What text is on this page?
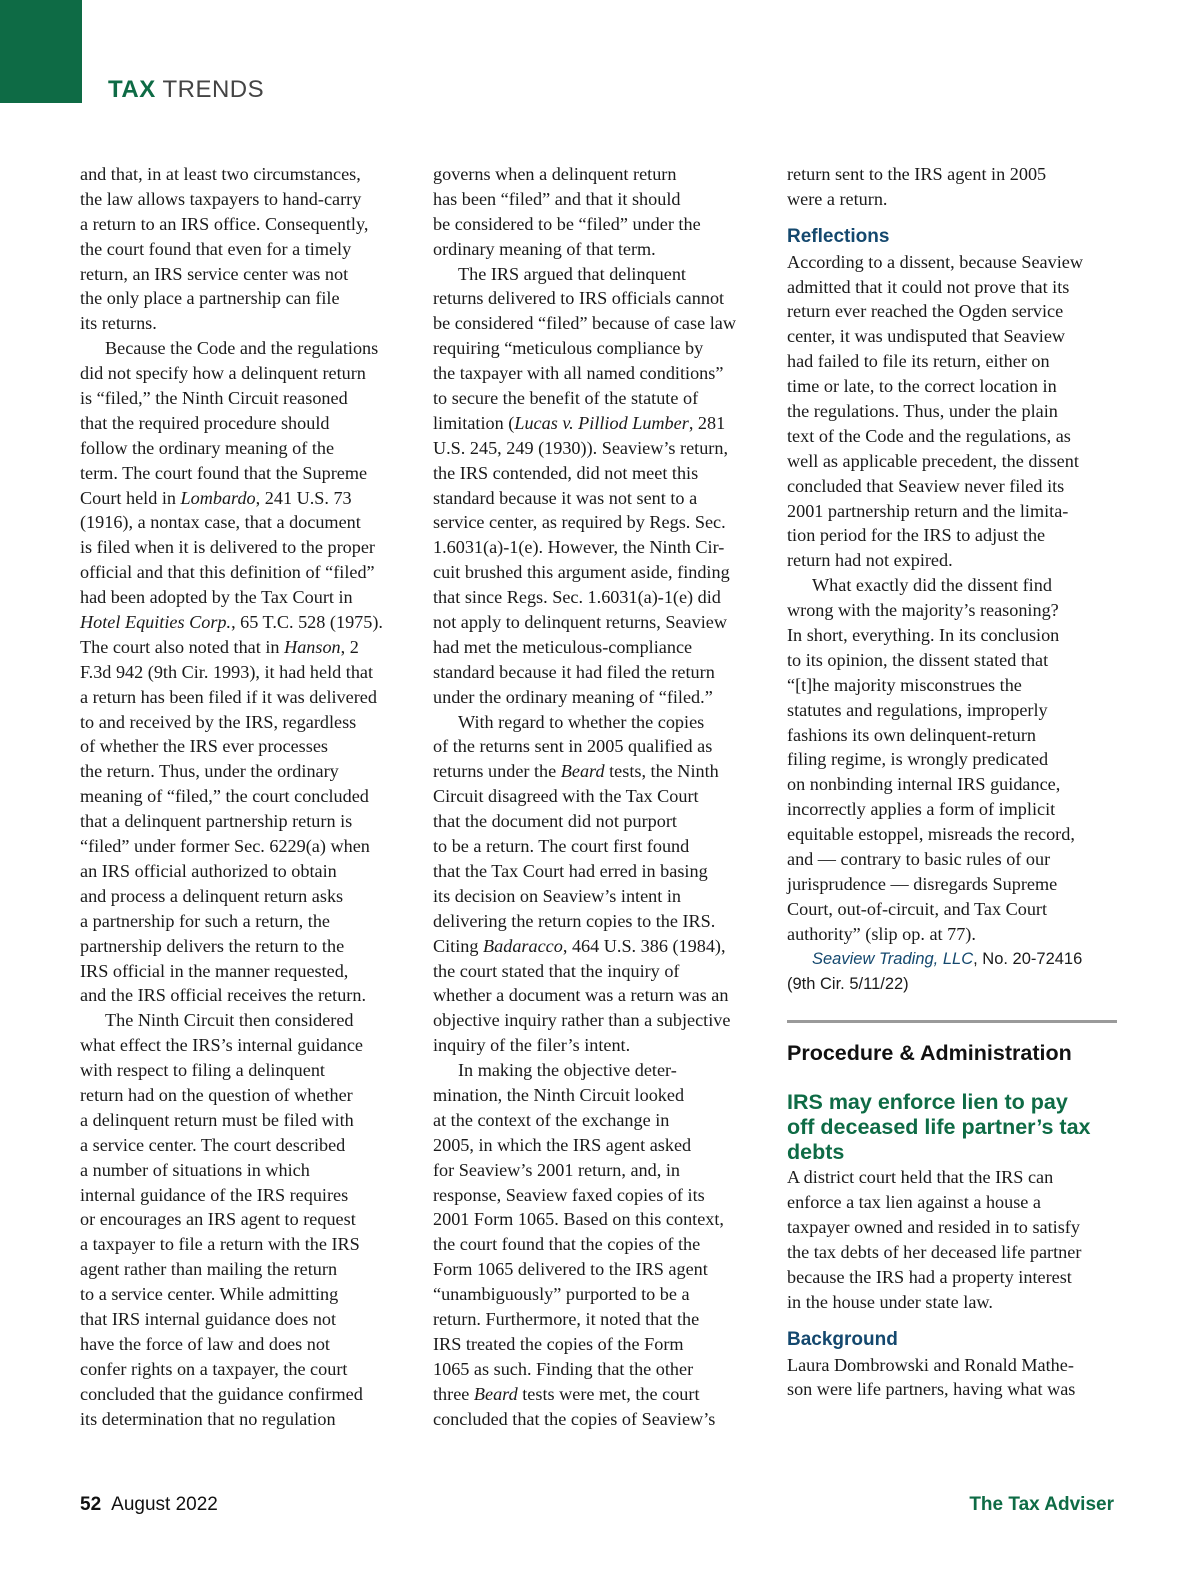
TAX TRENDS
and that, in at least two circumstances,
the law allows taxpayers to hand-carry
a return to an IRS office. Consequently,
the court found that even for a timely
return, an IRS service center was not
the only place a partnership can file
its returns.
Because the Code and the regulations
did not specify how a delinquent return
is “filed,” the Ninth Circuit reasoned
that the required procedure should
follow the ordinary meaning of the
term. The court found that the Supreme
Court held in Lombardo, 241 U.S. 73
(1916), a nontax case, that a document
is filed when it is delivered to the proper
official and that this definition of “filed”
had been adopted by the Tax Court in
Hotel Equities Corp., 65 T.C. 528 (1975).
The court also noted that in Hanson, 2
F.3d 942 (9th Cir. 1993), it had held that
a return has been filed if it was delivered
to and received by the IRS, regardless
of whether the IRS ever processes
the return. Thus, under the ordinary
meaning of “filed,” the court concluded
that a delinquent partnership return is
“filed” under former Sec. 6229(a) when
an IRS official authorized to obtain
and process a delinquent return asks
a partnership for such a return, the
partnership delivers the return to the
IRS official in the manner requested,
and the IRS official receives the return.
The Ninth Circuit then considered
what effect the IRS’s internal guidance
with respect to filing a delinquent
return had on the question of whether
a delinquent return must be filed with
a service center. The court described
a number of situations in which
internal guidance of the IRS requires
or encourages an IRS agent to request
a taxpayer to file a return with the IRS
agent rather than mailing the return
to a service center. While admitting
that IRS internal guidance does not
have the force of law and does not
confer rights on a taxpayer, the court
concluded that the guidance confirmed
its determination that no regulation
governs when a delinquent return
has been “filed” and that it should
be considered to be “filed” under the
ordinary meaning of that term.
The IRS argued that delinquent
returns delivered to IRS officials cannot
be considered “filed” because of case law
requiring “meticulous compliance by
the taxpayer with all named conditions”
to secure the benefit of the statute of
limitation (Lucas v. Pilliod Lumber, 281
U.S. 245, 249 (1930)). Seaview’s return,
the IRS contended, did not meet this
standard because it was not sent to a
service center, as required by Regs. Sec.
1.6031(a)-1(e). However, the Ninth Cir-
cuit brushed this argument aside, finding
that since Regs. Sec. 1.6031(a)-1(e) did
not apply to delinquent returns, Seaview
had met the meticulous-compliance
standard because it had filed the return
under the ordinary meaning of “filed.”
With regard to whether the copies
of the returns sent in 2005 qualified as
returns under the Beard tests, the Ninth
Circuit disagreed with the Tax Court
that the document did not purport
to be a return. The court first found
that the Tax Court had erred in basing
its decision on Seaview’s intent in
delivering the return copies to the IRS.
Citing Badaracco, 464 U.S. 386 (1984),
the court stated that the inquiry of
whether a document was a return was an
objective inquiry rather than a subjective
inquiry of the filer’s intent.
In making the objective deter-
mination, the Ninth Circuit looked
at the context of the exchange in
2005, in which the IRS agent asked
for Seaview’s 2001 return, and, in
response, Seaview faxed copies of its
2001 Form 1065. Based on this context,
the court found that the copies of the
Form 1065 delivered to the IRS agent
“unambiguously” purported to be a
return. Furthermore, it noted that the
IRS treated the copies of the Form
1065 as such. Finding that the other
three Beard tests were met, the court
concluded that the copies of Seaview’s
return sent to the IRS agent in 2005
were a return.
Reflections
According to a dissent, because Seaview
admitted that it could not prove that its
return ever reached the Ogden service
center, it was undisputed that Seaview
had failed to file its return, either on
time or late, to the correct location in
the regulations. Thus, under the plain
text of the Code and the regulations, as
well as applicable precedent, the dissent
concluded that Seaview never filed its
2001 partnership return and the limita-
tion period for the IRS to adjust the
return had not expired.
What exactly did the dissent find
wrong with the majority’s reasoning?
In short, everything. In its conclusion
to its opinion, the dissent stated that
“[t]he majority misconstrues the
statutes and regulations, improperly
fashions its own delinquent-return
filing regime, is wrongly predicated
on nonbinding internal IRS guidance,
incorrectly applies a form of implicit
equitable estoppel, misreads the record,
and — contrary to basic rules of our
jurisprudence — disregards Supreme
Court, out-of-circuit, and Tax Court
authority” (slip op. at 77).
Seaview Trading, LLC, No. 20-72416
(9th Cir. 5/11/22)
Procedure & Administration
IRS may enforce lien to pay
off deceased life partner’s tax
debts
A district court held that the IRS can
enforce a tax lien against a house a
taxpayer owned and resided in to satisfy
the tax debts of her deceased life partner
because the IRS had a property interest
in the house under state law.
Background
Laura Dombrowski and Ronald Mathe-
son were life partners, having what was
52 August 2022	The Tax Adviser
